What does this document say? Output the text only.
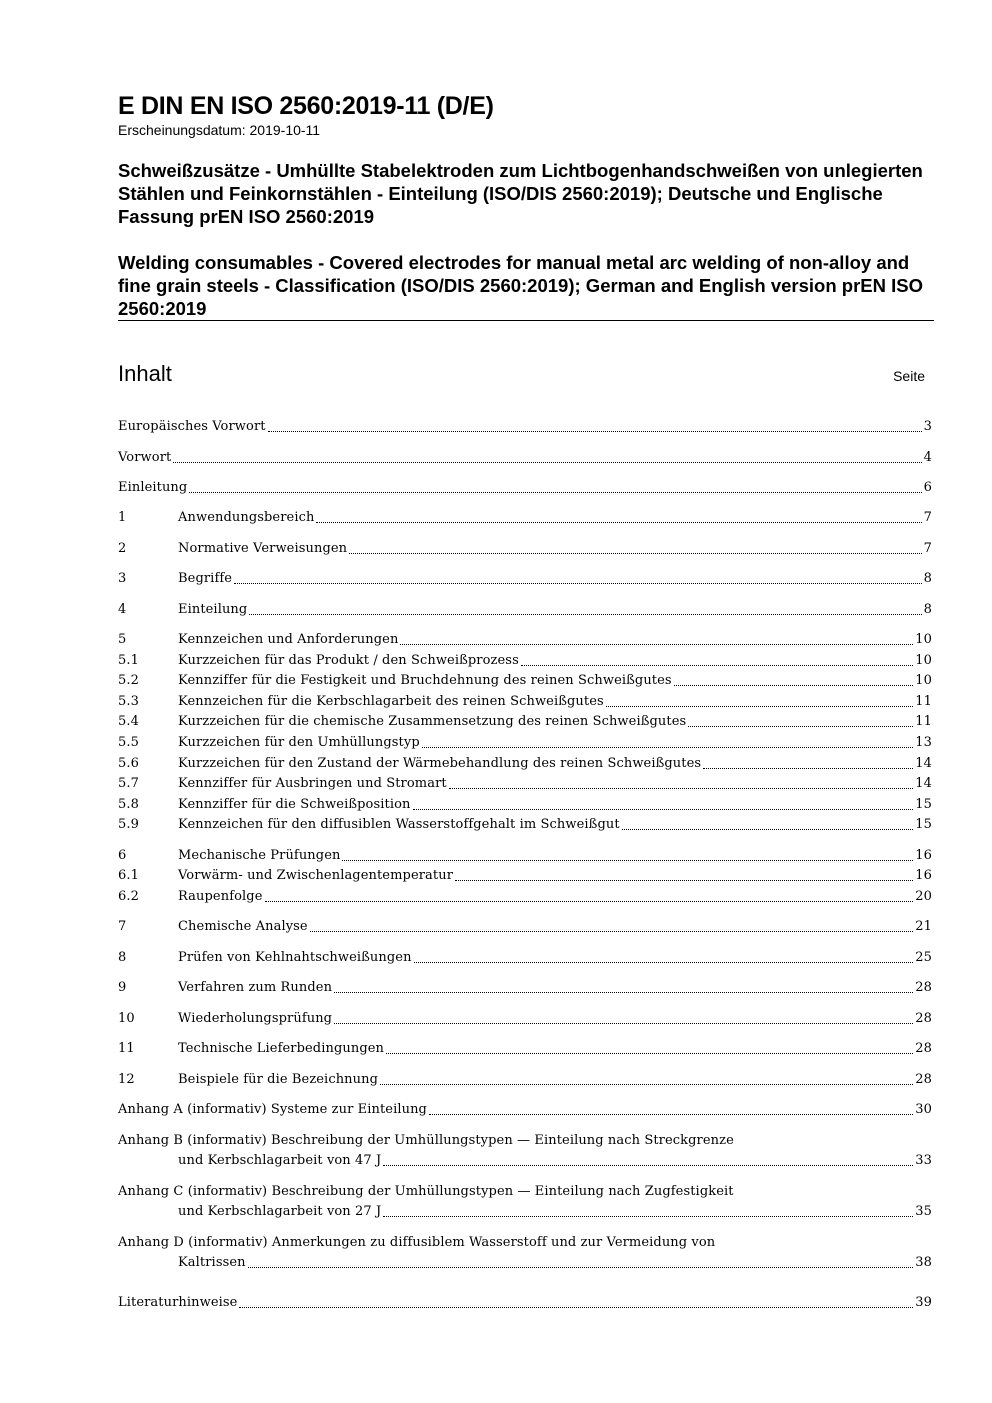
E DIN EN ISO 2560:2019-11 (D/E)
Erscheinungsdatum: 2019-10-11
Schweißzusätze - Umhüllte Stabelektroden zum Lichtbogenhandschweißen von unlegierten Stählen und Feinkornstählen - Einteilung (ISO/DIS 2560:2019); Deutsche und Englische Fassung prEN ISO 2560:2019
Welding consumables - Covered electrodes for manual metal arc welding of non-alloy and fine grain steels - Classification (ISO/DIS 2560:2019); German and English version prEN ISO 2560:2019
Inhalt	Seite
Europäisches Vorwort	3
Vorwort	4
Einleitung	6
1	Anwendungsbereich	7
2	Normative Verweisungen	7
3	Begriffe	8
4	Einteilung	8
5	Kennzeichen und Anforderungen	10
5.1	Kurzzeichen für das Produkt / den Schweißprozess	10
5.2	Kennziffer für die Festigkeit und Bruchdehnung des reinen Schweißgutes	10
5.3	Kennzeichen für die Kerbschlagarbeit des reinen Schweißgutes	11
5.4	Kurzzeichen für die chemische Zusammensetzung des reinen Schweißgutes	11
5.5	Kurzzeichen für den Umhüllungstyp	13
5.6	Kurzzeichen für den Zustand der Wärmebehandlung des reinen Schweißgutes	14
5.7	Kennziffer für Ausbringen und Stromart	14
5.8	Kennziffer für die Schweißposition	15
5.9	Kennzeichen für den diffusiblen Wasserstoffgehalt im Schweißgut	15
6	Mechanische Prüfungen	16
6.1	Vorwärm- und Zwischenlagentemperatur	16
6.2	Raupenfolge	20
7	Chemische Analyse	21
8	Prüfen von Kehlnahtschweißungen	25
9	Verfahren zum Runden	28
10	Wiederholungsprüfung	28
11	Technische Lieferbedingungen	28
12	Beispiele für die Bezeichnung	28
Anhang A (informativ) Systeme zur Einteilung	30
Anhang B (informativ) Beschreibung der Umhüllungstypen — Einteilung nach Streckgrenze
und Kerbschlagarbeit von 47 J	33
Anhang C (informativ) Beschreibung der Umhüllungstypen — Einteilung nach Zugfestigkeit
und Kerbschlagarbeit von 27 J	35
Anhang D (informativ) Anmerkungen zu diffusiblem Wasserstoff und zur Vermeidung von
Kaltrissen	38
Literaturhinweise	39
